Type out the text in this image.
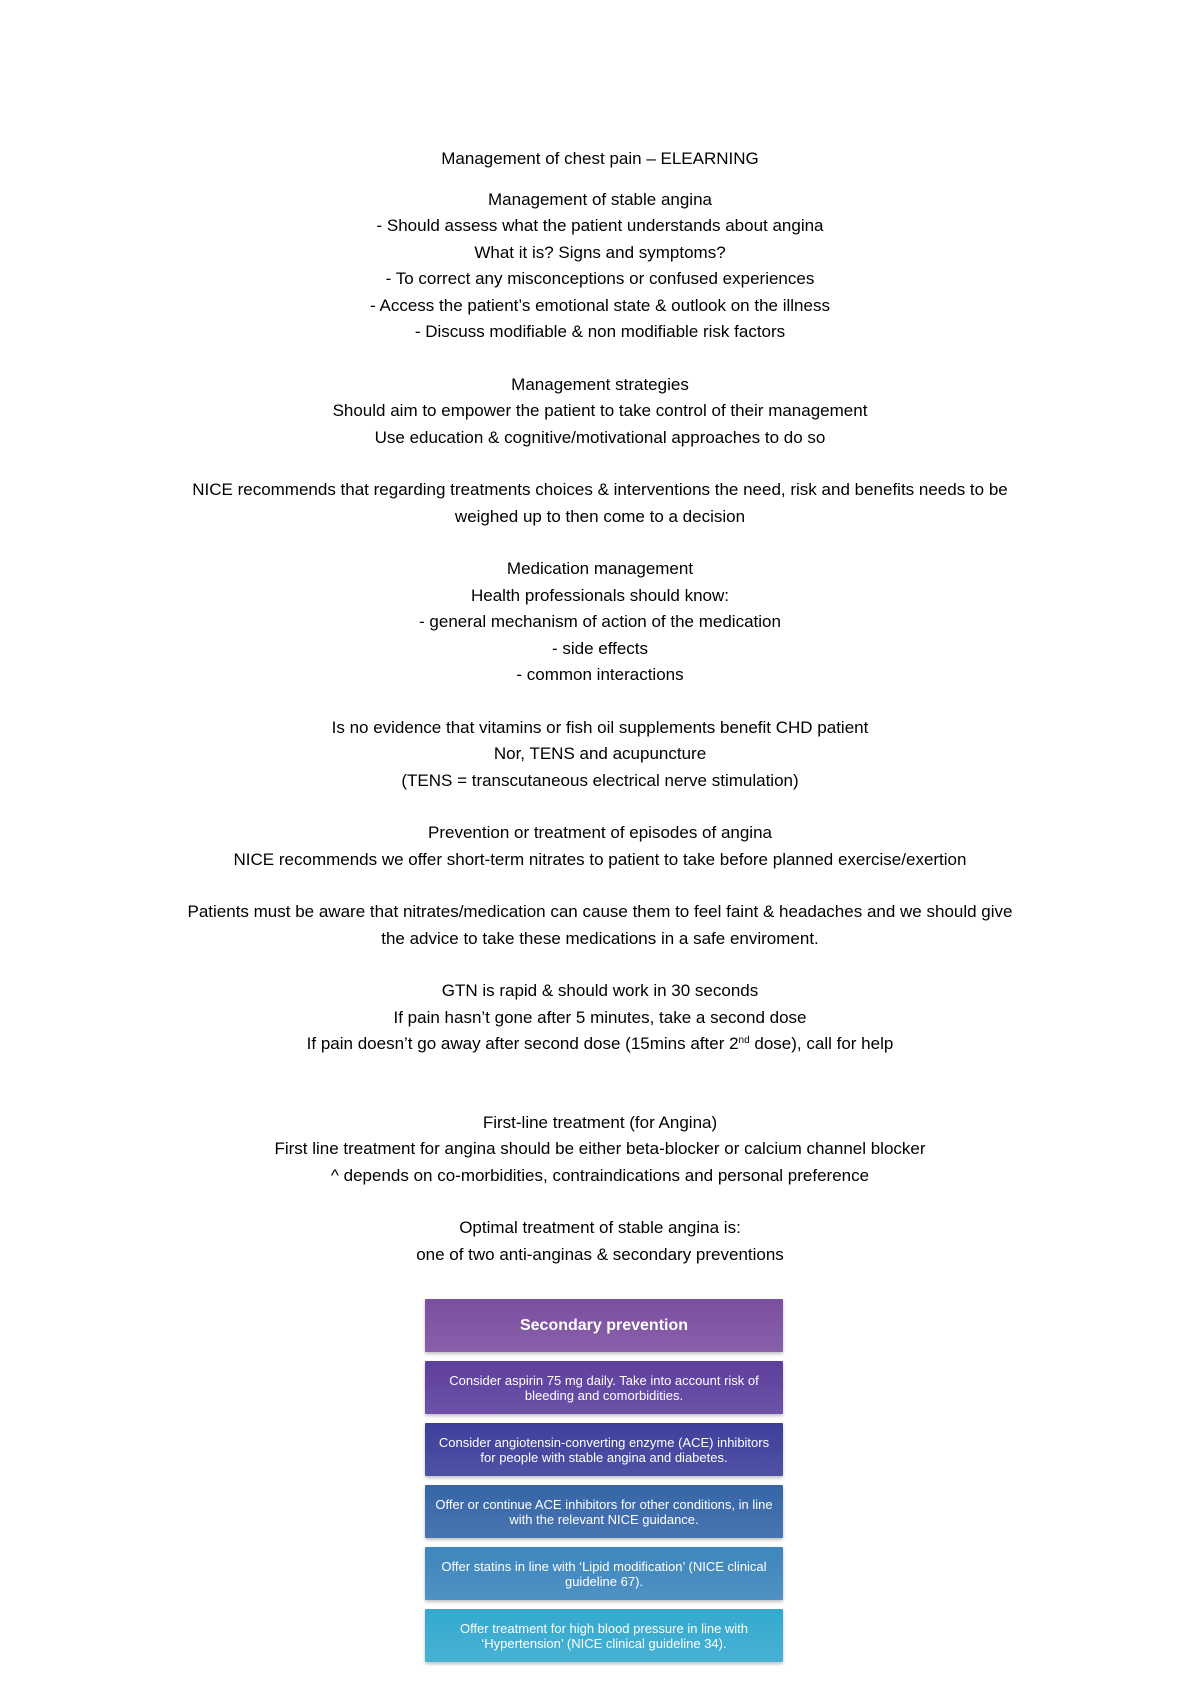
Management of chest pain – ELEARNING
Management of stable angina
- Should assess what the patient understands about angina
What it is? Signs and symptoms?
- To correct any misconceptions or confused experiences
- Access the patient’s emotional state & outlook on the illness
- Discuss modifiable & non modifiable risk factors
Management strategies
Should aim to empower the patient to take control of their management
Use education & cognitive/motivational approaches to do so
NICE recommends that regarding treatments choices & interventions the need, risk and benefits needs to be
weighed up to then come to a decision
Medication management
Health professionals should know:
- general mechanism of action of the medication
- side effects
- common interactions
Is no evidence that vitamins or fish oil supplements benefit CHD patient
Nor, TENS and acupuncture
(TENS = transcutaneous electrical nerve stimulation)
Prevention or treatment of episodes of angina
NICE recommends we offer short-term nitrates to patient to take before planned exercise/exertion
Patients must be aware that nitrates/medication can cause them to feel faint & headaches and we should give
the advice to take these medications in a safe enviroment.
GTN is rapid & should work in 30 seconds
If pain hasn’t gone after 5 minutes, take a second dose
If pain doesn’t go away after second dose (15mins after 2nd dose), call for help
First-line treatment (for Angina)
First line treatment for angina should be either beta-blocker or calcium channel blocker
^ depends on co-morbidities, contraindications and personal preference
Optimal treatment of stable angina is:
one of two anti-anginas & secondary preventions
Secondary prevention
Consider aspirin 75 mg daily. Take into account risk of bleeding and comorbidities.
Consider angiotensin-converting enzyme (ACE) inhibitors for people with stable angina and diabetes.
Offer or continue ACE inhibitors for other conditions, in line with the relevant NICE guidance.
Offer statins in line with ‘Lipid modification’ (NICE clinical guideline 67).
Offer treatment for high blood pressure in line with ‘Hypertension’ (NICE clinical guideline 34).
